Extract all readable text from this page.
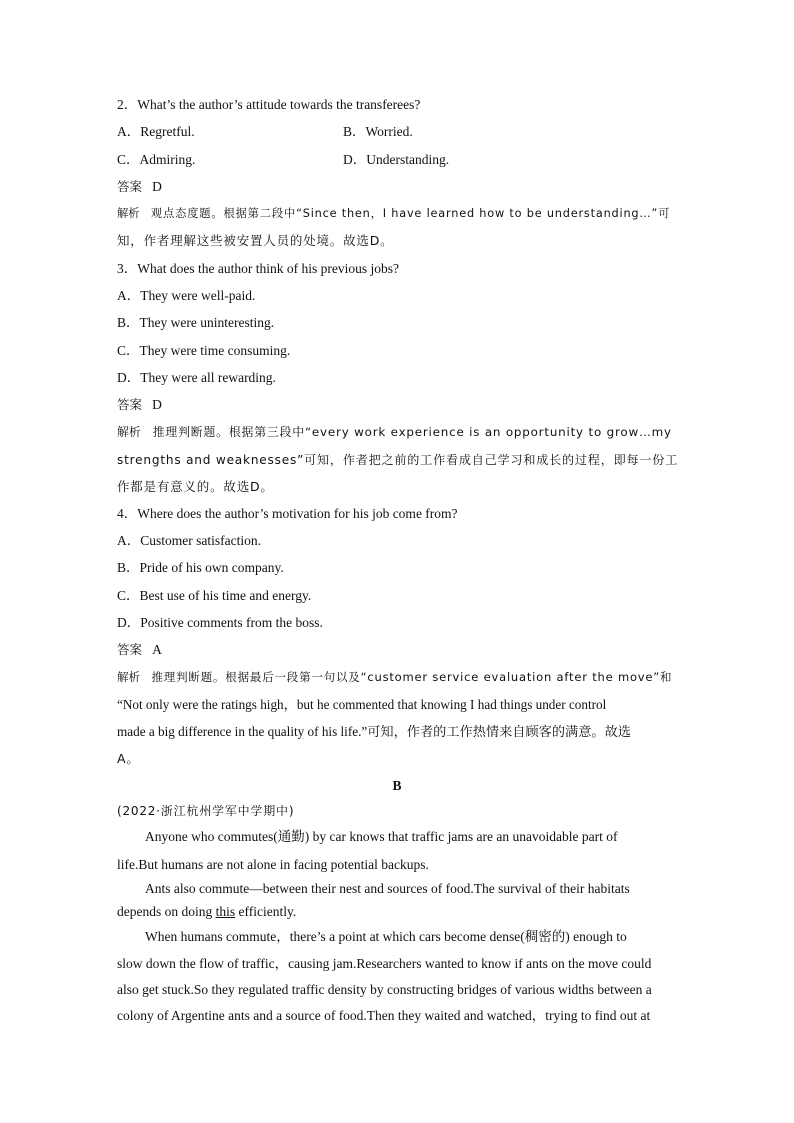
2．What’s the author’s attitude towards the transferees?
A．Regretful.	B．Worried.
C．Admiring.	D．Understanding.
答案 D
解析 观点态度题。根据第二段中“Since then，I have learned how to be understanding…”可
知，作者理解这些被安置人员的处境。故选D。
3．What does the author think of his previous jobs?
A．They were well-paid.
B．They were uninteresting.
C．They were time consuming.
D．They were all rewarding.
答案 D
解析 推理判断题。根据第三段中“every work experience is an opportunity to grow…my
strengths and weaknesses”可知，作者把之前的工作看成自己学习和成长的过程，即每一份工
作都是有意义的。故选D。
4．Where does the author’s motivation for his job come from?
A．Customer satisfaction.
B．Pride of his own company.
C．Best use of his time and energy.
D．Positive comments from the boss.
答案 A
解析 推理判断题。根据最后一段第一句以及“customer service evaluation after the move”和
“Not only were the ratings high，but he commented that knowing I had things under control
made a big difference in the quality of his life.”可知，作者的工作热情来自顾客的满意。故选
A。
B
(2022·浙江杭州学军中学期中)
Anyone who commutes(通勤) by car knows that traffic jams are an unavoidable part of
life.But humans are not alone in facing potential backups.
Ants also commute—between their nest and sources of food.The survival of their habitats
depends on doing this efficiently.
When humans commute，there’s a point at which cars become dense(稠密的) enough to
slow down the flow of traffic，causing jam.Researchers wanted to know if ants on the move could
also get stuck.So they regulated traffic density by constructing bridges of various widths between a
colony of Argentine ants and a source of food.Then they waited and watched，trying to find out at
